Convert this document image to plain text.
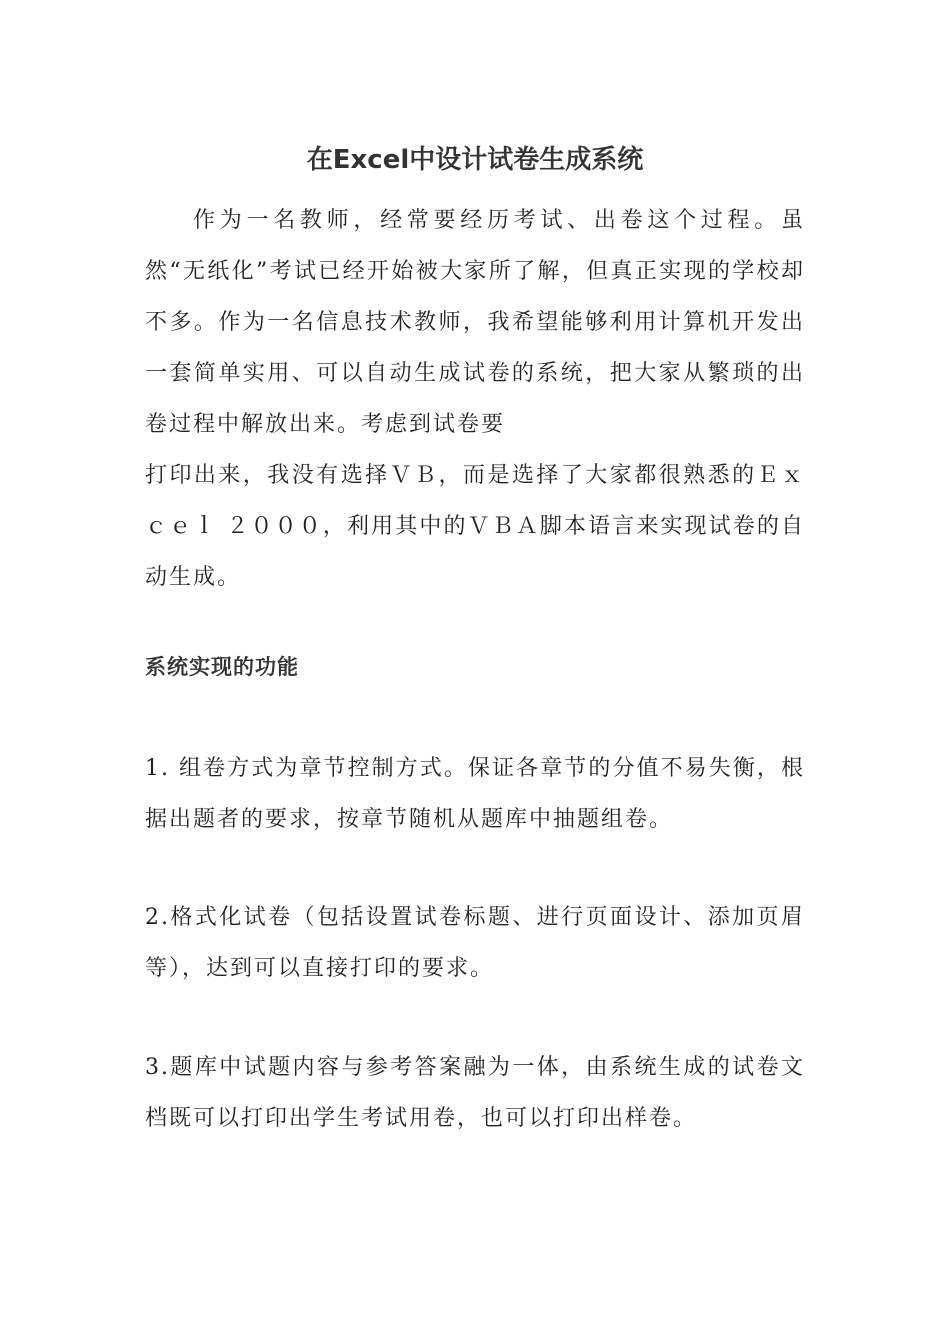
在Excel中设计试卷生成系统

作为一名教师，经常要经历考试、出卷这个过程。虽然“无纸化”考试已经开始被大家所了解，但真正实现的学校却不多。作为一名信息技术教师，我希望能够利用计算机开发出一套简单实用、可以自动生成试卷的系统，把大家从繁琐的出卷过程中解放出来。考虑到试卷要

打印出来，我没有选择ＶＢ，而是选择了大家都很熟悉的Ｅｘｃｅｌ ２０００，利用其中的ＶＢＡ脚本语言来实现试卷的自动生成。

系统实现的功能

1. 组卷方式为章节控制方式。保证各章节的分值不易失衡，根据出题者的要求，按章节随机从题库中抽题组卷。

2.格式化试卷（包括设置试卷标题、进行页面设计、添加页眉等），达到可以直接打印的要求。

3.题库中试题内容与参考答案融为一体，由系统生成的试卷文档既可以打印出学生考试用卷，也可以打印出样卷。
